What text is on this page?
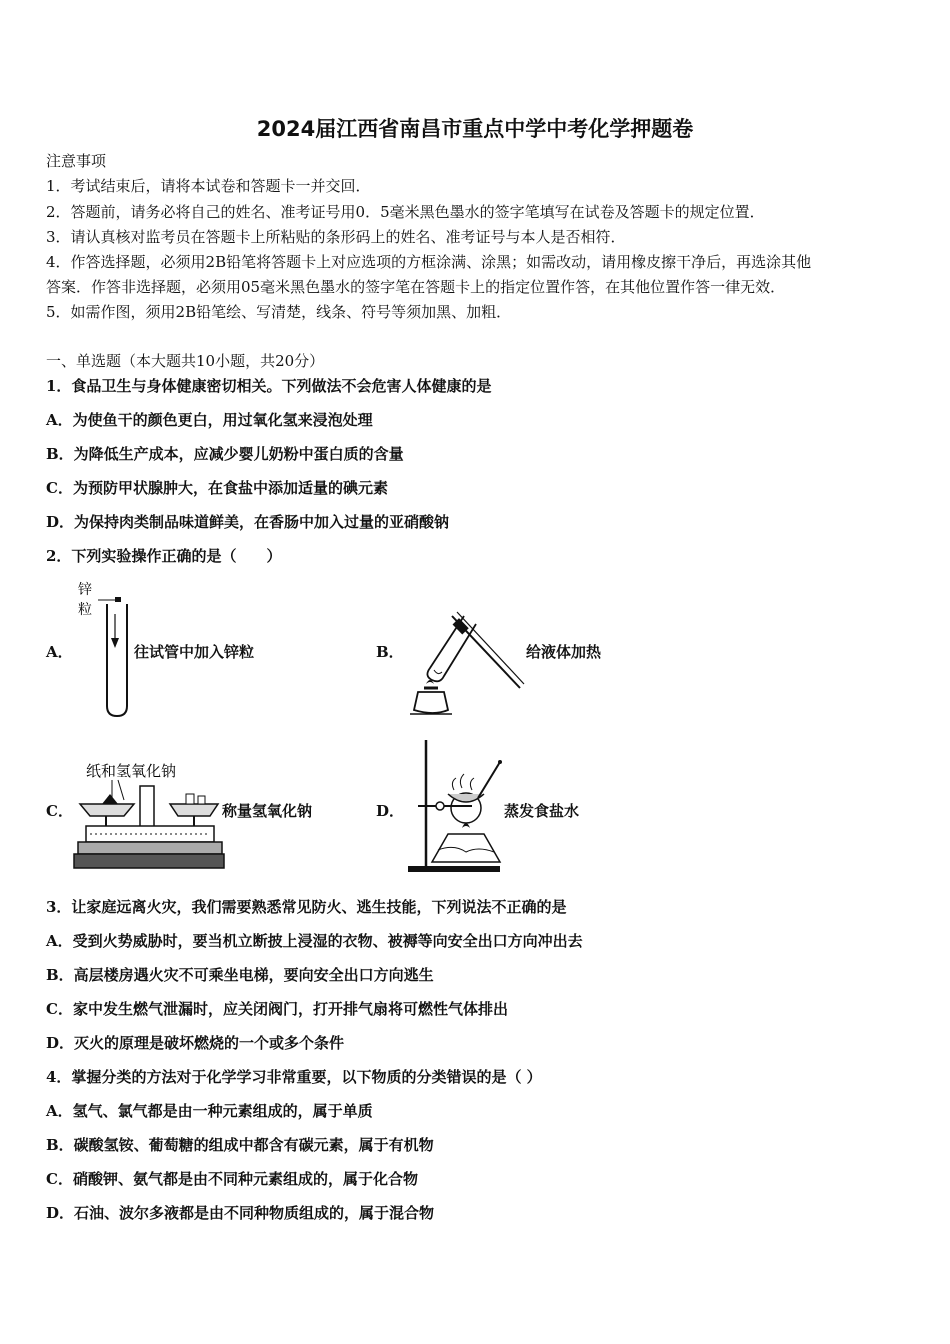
2024届江西省南昌市重点中学中考化学押题卷
注意事项
1．考试结束后，请将本试卷和答题卡一并交回．
2．答题前，请务必将自己的姓名、准考证号用0．5毫米黑色墨水的签字笔填写在试卷及答题卡的规定位置．
3．请认真核对监考员在答题卡上所粘贴的条形码上的姓名、准考证号与本人是否相符．
4．作答选择题，必须用2B铅笔将答题卡上对应选项的方框涂满、涂黑；如需改动，请用橡皮擦干净后，再选涂其他
答案．作答非选择题，必须用05毫米黑色墨水的签字笔在答题卡上的指定位置作答，在其他位置作答一律无效．
5．如需作图，须用2B铅笔绘、写清楚，线条、符号等须加黑、加粗．
一、单选题（本大题共10小题，共20分）
1．食品卫生与身体健康密切相关。下列做法不会危害人体健康的是
A．为使鱼干的颜色更白，用过氧化氢来浸泡处理
B．为降低生产成本，应减少婴儿奶粉中蛋白质的含量
C．为预防甲状腺肿大，在食盐中添加适量的碘元素
D．为保持肉类制品味道鲜美，在香肠中加入过量的亚硝酸钠
2．下列实验操作正确的是（　　）
A．
锌
粒
往试管中加入锌粒	B．	给液体加热
C．
纸和氢氧化钠
称量氢氧化钠	D．	蒸发食盐水
3．让家庭远离火灾，我们需要熟悉常见防火、逃生技能，下列说法不正确的是
A．受到火势威胁时，要当机立断披上浸湿的衣物、被褥等向安全出口方向冲出去
B．高层楼房遇火灾不可乘坐电梯，要向安全出口方向逃生
C．家中发生燃气泄漏时，应关闭阀门，打开排气扇将可燃性气体排出
D．灭火的原理是破坏燃烧的一个或多个条件
4．掌握分类的方法对于化学学习非常重要，以下物质的分类错误的是（ ）
A．氢气、氯气都是由一种元素组成的，属于单质
B．碳酸氢铵、葡萄糖的组成中都含有碳元素，属于有机物
C．硝酸钾、氨气都是由不同种元素组成的，属于化合物
D．石油、波尔多液都是由不同种物质组成的，属于混合物
